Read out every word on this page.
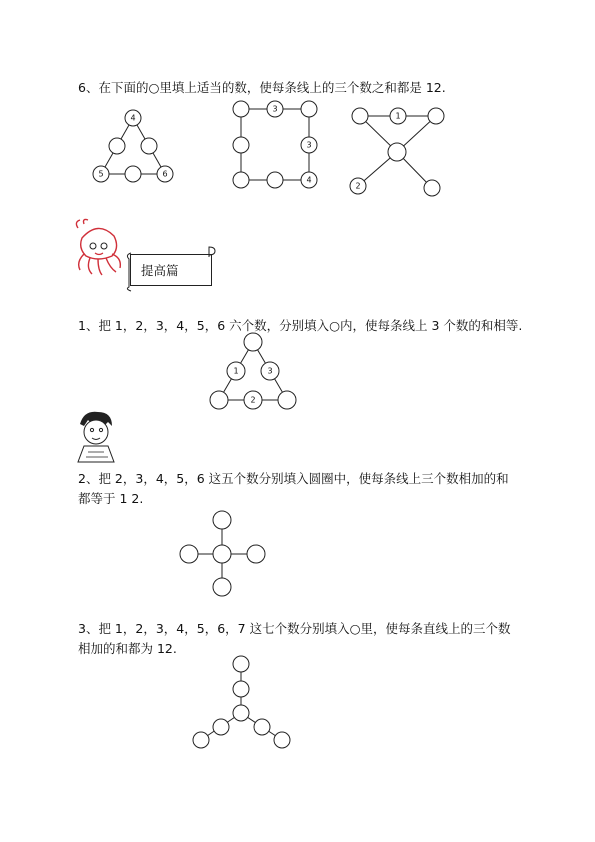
6、在下面的○里填上适当的数，使每条线上的三个数之和都是 12.
4
5	6
3
3
4
1
2
提高篇
1、把 1，2，3，4，5，6 六个数，分别填入○内，使每条线上 3 个数的和相等.
1	3
2
2、把 2，3，4，5，6 这五个数分别填入圆圈中，使每条线上三个数相加的和
都等于 1 2.
3、把 1，2，3，4，5，6，7 这七个数分别填入○里，使每条直线上的三个数
相加的和都为 12.
